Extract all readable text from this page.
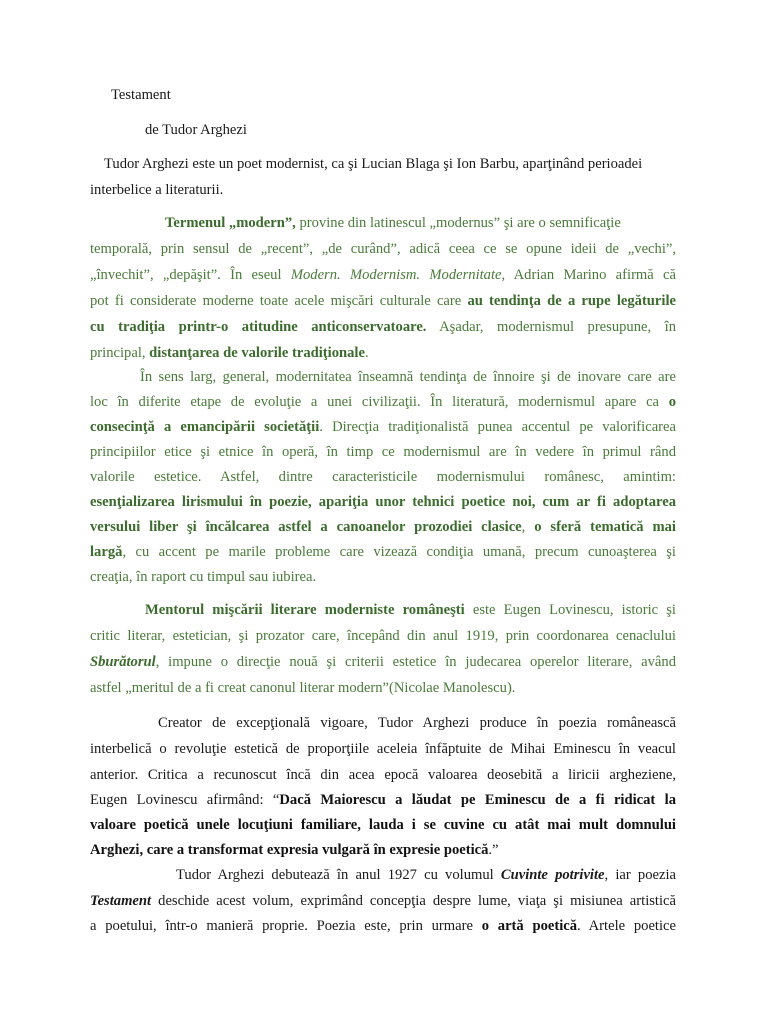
Testament
de Tudor Arghezi
Tudor Arghezi este un poet modernist, ca şi Lucian Blaga şi Ion Barbu, aparţinând perioadei
interbelice a literaturii.
Termenul „modern”, provine din latinescul „modernus” şi are o semnificaţie
temporală, prin sensul de „recent”, „de curând”, adică ceea ce se opune ideii de „vechi”,
„învechit”, „depăşit”. În eseul Modern. Modernism. Modernitate, Adrian Marino afirmă că
pot fi considerate moderne toate acele mişcări culturale care au tendinţa de a rupe legăturile
cu tradiţia printr-o atitudine anticonservatoare. Aşadar, modernismul presupune, în
principal, distanţarea de valorile tradiţionale.
În sens larg, general, modernitatea înseamnă tendinţa de înnoire şi de inovare care are
loc în diferite etape de evoluţie a unei civilizaţii. În literatură, modernismul apare ca o
consecinţă a emancipării societăţii. Direcţia tradiţionalistă punea accentul pe valorificarea
principiilor etice şi etnice în operă, în timp ce modernismul are în vedere în primul rând
valorile estetice. Astfel, dintre caracteristicile modernismului românesc, amintim:
esenţializarea lirismului în poezie, apariţia unor tehnici poetice noi, cum ar fi adoptarea
versului liber şi încălcarea astfel a canoanelor prozodiei clasice, o sferă tematică mai
largă, cu accent pe marile probleme care vizează condiţia umană, precum cunoaşterea şi
creaţia, în raport cu timpul sau iubirea.
Mentorul mişcării literare moderniste româneşti este Eugen Lovinescu, istoric şi
critic literar, estetician, şi prozator care, începând din anul 1919, prin coordonarea cenaclului
Sburătorul, impune o direcţie nouă şi criterii estetice în judecarea operelor literare, având
astfel „meritul de a fi creat canonul literar modern”(Nicolae Manolescu).
Creator de excepţională vigoare, Tudor Arghezi produce în poezia românească
interbelică o revoluţie estetică de proporţiile aceleia înfăptuite de Mihai Eminescu în veacul
anterior. Critica a recunoscut încă din acea epocă valoarea deosebită a liricii argheziene,
Eugen Lovinescu afirmând: “Dacă Maiorescu a lăudat pe Eminescu de a fi ridicat la
valoare poetică unele locuţiuni familiare, lauda i se cuvine cu atât mai mult domnului
Arghezi, care a transformat expresia vulgară în expresie poetică.”
Tudor Arghezi debutează în anul 1927 cu volumul Cuvinte potrivite, iar poezia
Testament deschide acest volum, exprimând concepţia despre lume, viaţa şi misiunea artistică
a poetului, într-o manieră proprie. Poezia este, prin urmare o artă poetică. Artele poetice
